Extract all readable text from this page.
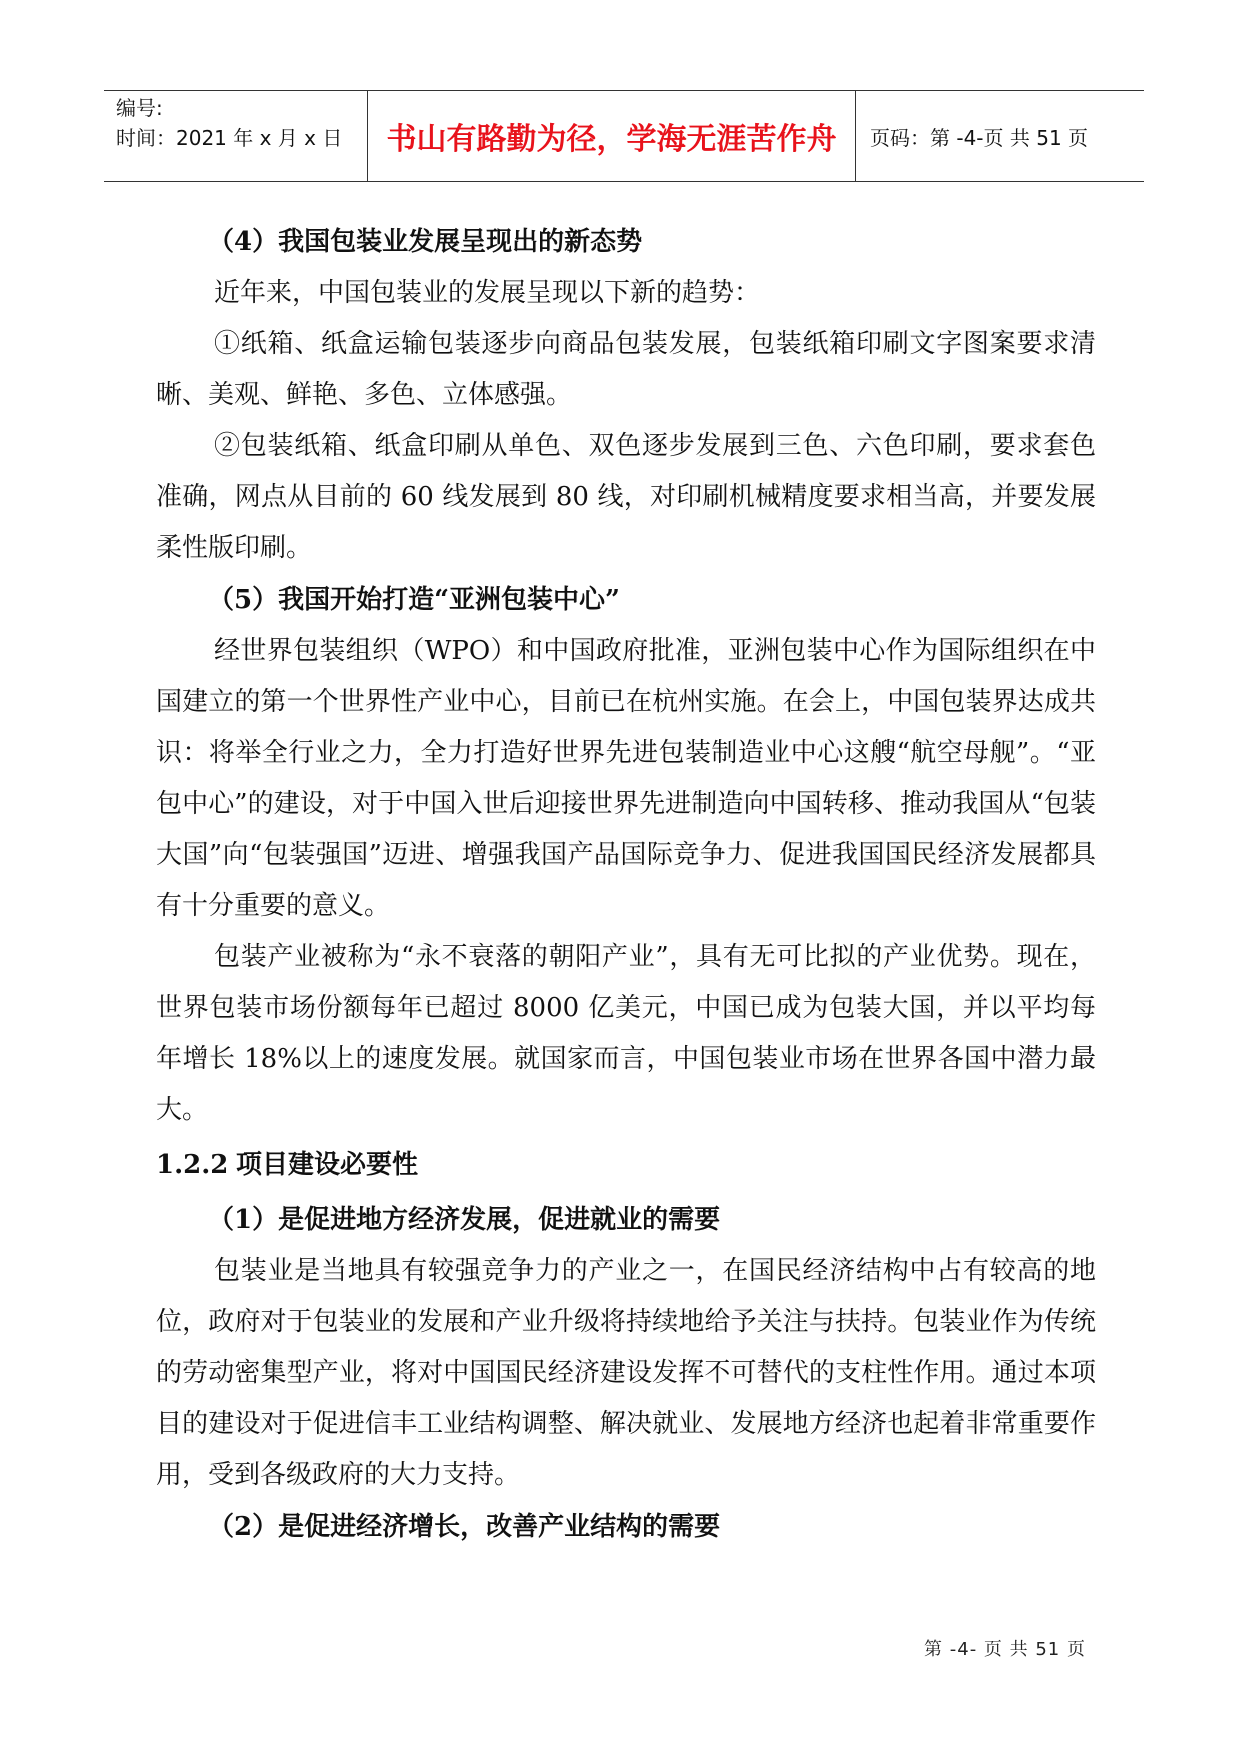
编号:
时间：2021 年 x 月 x 日	书山有路勤为径，学海无涯苦作舟	页码：第 -4-页 共 51 页
（4）我国包装业发展呈现出的新态势
近年来，中国包装业的发展呈现以下新的趋势：
①纸箱、纸盒运输包装逐步向商品包装发展，包装纸箱印刷文字图案要求清晰、美观、鲜艳、多色、立体感强。
②包装纸箱、纸盒印刷从单色、双色逐步发展到三色、六色印刷，要求套色准确，网点从目前的 60 线发展到 80 线，对印刷机械精度要求相当高，并要发展柔性版印刷。
（5）我国开始打造“亚洲包装中心”
经世界包装组织（WPO）和中国政府批准，亚洲包装中心作为国际组织在中国建立的第一个世界性产业中心，目前已在杭州实施。在会上，中国包装界达成共识：将举全行业之力，全力打造好世界先进包装制造业中心这艘“航空母舰”。“亚包中心”的建设，对于中国入世后迎接世界先进制造向中国转移、推动我国从“包装大国”向“包装强国”迈进、增强我国产品国际竞争力、促进我国国民经济发展都具有十分重要的意义。
包装产业被称为“永不衰落的朝阳产业”，具有无可比拟的产业优势。现在，世界包装市场份额每年已超过 8000 亿美元，中国已成为包装大国，并以平均每年增长 18%以上的速度发展。就国家而言，中国包装业市场在世界各国中潜力最大。
1.2.2 项目建设必要性
（1）是促进地方经济发展，促进就业的需要
包装业是当地具有较强竞争力的产业之一，在国民经济结构中占有较高的地位，政府对于包装业的发展和产业升级将持续地给予关注与扶持。包装业作为传统的劳动密集型产业，将对中国国民经济建设发挥不可替代的支柱性作用。通过本项目的建设对于促进信丰工业结构调整、解决就业、发展地方经济也起着非常重要作用，受到各级政府的大力支持。
（2）是促进经济增长，改善产业结构的需要
第 -4- 页 共 51 页
